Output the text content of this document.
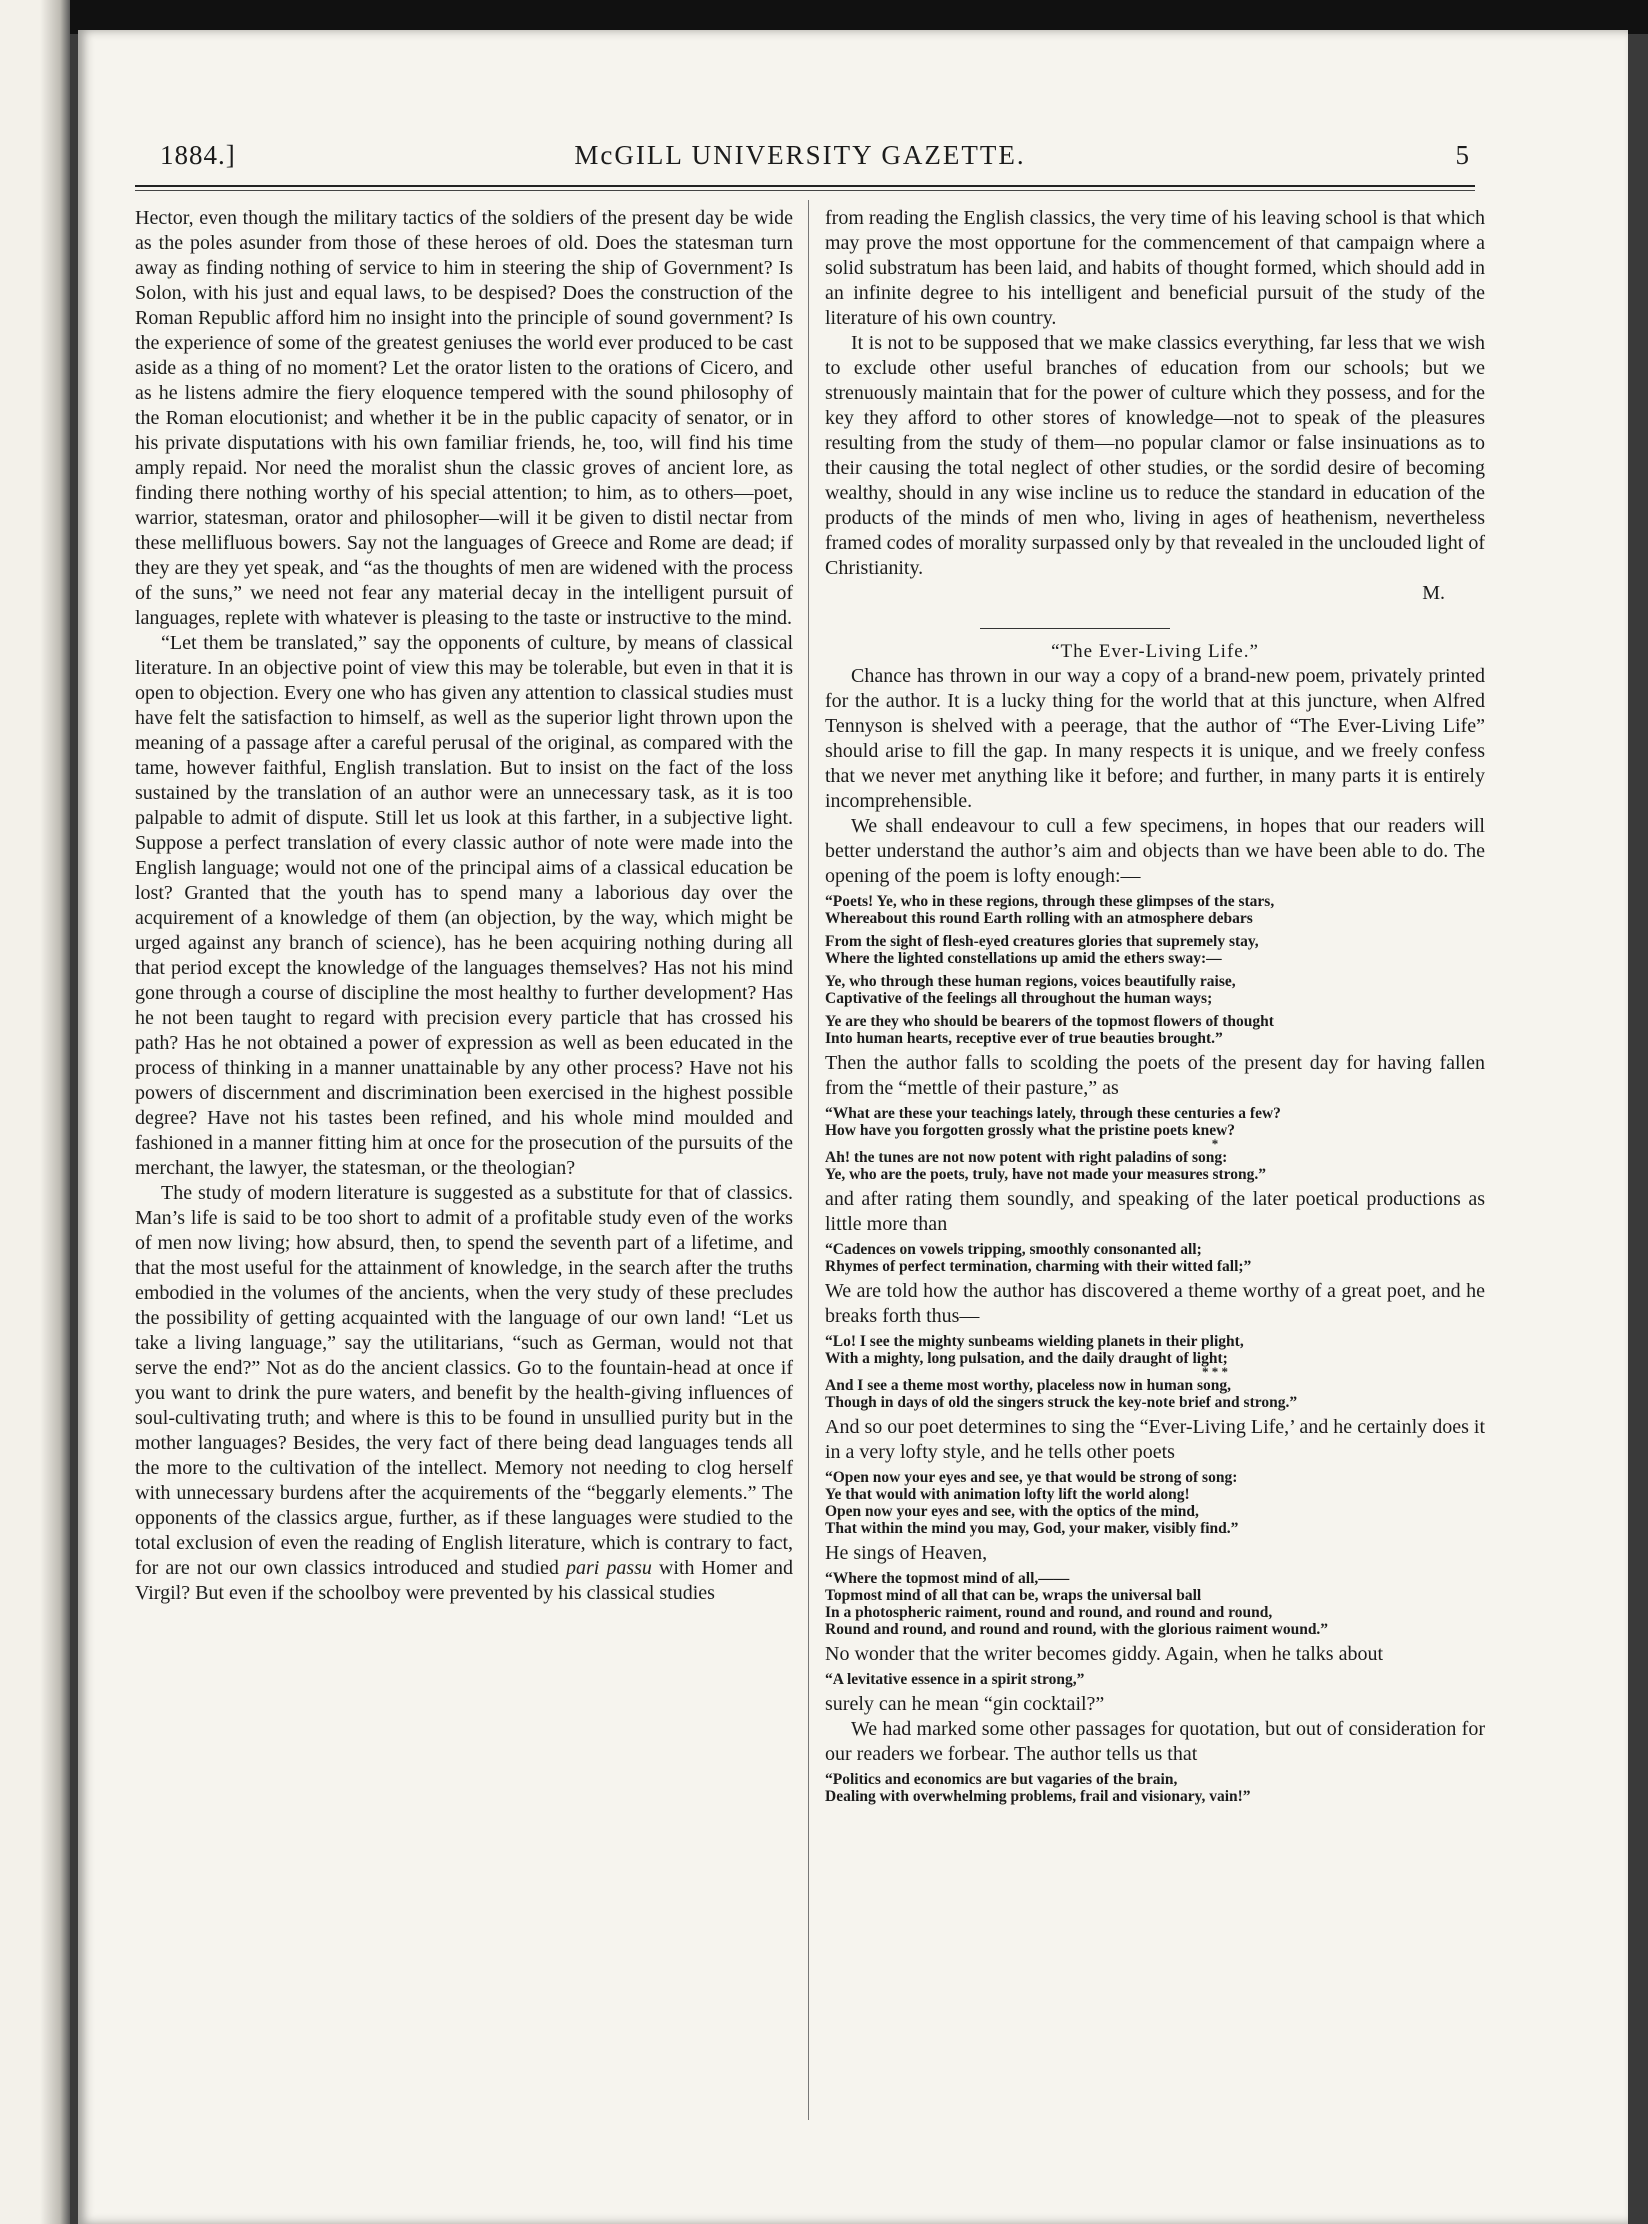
1884.]	McGILL UNIVERSITY GAZETTE.	5

Hector, even though the military tactics of the soldiers of the present day be wide as the poles asunder from those of these heroes of old. Does the statesman turn away as finding nothing of service to him in steering the ship of Government? Is Solon, with his just and equal laws, to be despised? Does the construction of the Roman Republic afford him no insight into the principle of sound government? Is the experience of some of the greatest geniuses the world ever produced to be cast aside as a thing of no moment? Let the orator listen to the orations of Cicero, and as he listens admire the fiery eloquence tempered with the sound philosophy of the Roman elocutionist; and whether it be in the public capacity of senator, or in his private disputations with his own familiar friends, he, too, will find his time amply repaid. Nor need the moralist shun the classic groves of ancient lore, as finding there nothing worthy of his special attention; to him, as to others—poet, warrior, statesman, orator and philosopher—will it be given to distil nectar from these mellifluous bowers. Say not the languages of Greece and Rome are dead; if they are they yet speak, and “as the thoughts of men are widened with the process of the suns,” we need not fear any material decay in the intelligent pursuit of languages, replete with whatever is pleasing to the taste or instructive to the mind.

“Let them be translated,” say the opponents of culture, by means of classical literature. In an objective point of view this may be tolerable, but even in that it is open to objection. Every one who has given any attention to classical studies must have felt the satisfaction to himself, as well as the superior light thrown upon the meaning of a passage after a careful perusal of the original, as compared with the tame, however faithful, English translation. But to insist on the fact of the loss sustained by the translation of an author were an unnecessary task, as it is too palpable to admit of dispute. Still let us look at this farther, in a subjective light. Suppose a perfect translation of every classic author of note were made into the English language; would not one of the principal aims of a classical education be lost? Granted that the youth has to spend many a laborious day over the acquirement of a knowledge of them (an objection, by the way, which might be urged against any branch of science), has he been acquiring nothing during all that period except the knowledge of the languages themselves? Has not his mind gone through a course of discipline the most healthy to further development? Has he not been taught to regard with precision every particle that has crossed his path? Has he not obtained a power of expression as well as been educated in the process of thinking in a manner unattainable by any other process? Have not his powers of discernment and discrimination been exercised in the highest possible degree? Have not his tastes been refined, and his whole mind moulded and fashioned in a manner fitting him at once for the prosecution of the pursuits of the merchant, the lawyer, the statesman, or the theologian?

The study of modern literature is suggested as a substitute for that of classics. Man’s life is said to be too short to admit of a profitable study even of the works of men now living; how absurd, then, to spend the seventh part of a lifetime, and that the most useful for the attainment of knowledge, in the search after the truths embodied in the volumes of the ancients, when the very study of these precludes the possibility of getting acquainted with the language of our own land! “Let us take a living language,” say the utilitarians, “such as German, would not that serve the end?” Not as do the ancient classics. Go to the fountain-head at once if you want to drink the pure waters, and benefit by the health-giving influences of soul-cultivating truth; and where is this to be found in unsullied purity but in the mother languages? Besides, the very fact of there being dead languages tends all the more to the cultivation of the intellect. Memory not needing to clog herself with unnecessary burdens after the acquirements of the “beggarly elements.” The opponents of the classics argue, further, as if these languages were studied to the total exclusion of even the reading of English literature, which is contrary to fact, for are not our own classics introduced and studied pari passu with Homer and Virgil? But even if the schoolboy were prevented by his classical studies

from reading the English classics, the very time of his leaving school is that which may prove the most opportune for the commencement of that campaign where a solid substratum has been laid, and habits of thought formed, which should add in an infinite degree to his intelligent and beneficial pursuit of the study of the literature of his own country.

It is not to be supposed that we make classics everything, far less that we wish to exclude other useful branches of education from our schools; but we strenuously maintain that for the power of culture which they possess, and for the key they afford to other stores of knowledge—not to speak of the pleasures resulting from the study of them—no popular clamor or false insinuations as to their causing the total neglect of other studies, or the sordid desire of becoming wealthy, should in any wise incline us to reduce the standard in education of the products of the minds of men who, living in ages of heathenism, nevertheless framed codes of morality surpassed only by that revealed in the unclouded light of Christianity.

M.

“The Ever-Living Life.”

Chance has thrown in our way a copy of a brand-new poem, privately printed for the author. It is a lucky thing for the world that at this juncture, when Alfred Tennyson is shelved with a peerage, that the author of “The Ever-Living Life” should arise to fill the gap. In many respects it is unique, and we freely confess that we never met anything like it before; and further, in many parts it is entirely incomprehensible.

We shall endeavour to cull a few specimens, in hopes that our readers will better understand the author’s aim and objects than we have been able to do. The opening of the poem is lofty enough:—

“Poets! Ye, who in these regions, through these glimpses of the stars,
Whereabout this round Earth rolling with an atmosphere debars
From the sight of flesh-eyed creatures glories that supremely stay,
Where the lighted constellations up amid the ethers sway:—
Ye, who through these human regions, voices beautifully raise,
Captivative of the feelings all throughout the human ways;
Ye are they who should be bearers of the topmost flowers of thought
Into human hearts, receptive ever of true beauties brought.”

Then the author falls to scolding the poets of the present day for having fallen from the “mettle of their pasture,” as

“What are these your teachings lately, through these centuries a few?
How have you forgotten grossly what the pristine poets knew?
*
Ah! the tunes are not now potent with right paladins of song:
Ye, who are the poets, truly, have not made your measures strong.”

and after rating them soundly, and speaking of the later poetical productions as little more than

“Cadences on vowels tripping, smoothly consonanted all;
Rhymes of perfect termination, charming with their witted fall;”

We are told how the author has discovered a theme worthy of a great poet, and he breaks forth thus—

“Lo! I see the mighty sunbeams wielding planets in their plight,
With a mighty, long pulsation, and the daily draught of light;
* * *
And I see a theme most worthy, placeless now in human song,
Though in days of old the singers struck the key-note brief and strong.”

And so our poet determines to sing the “Ever-Living Life,’ and he certainly does it in a very lofty style, and he tells other poets

“Open now your eyes and see, ye that would be strong of song:
Ye that would with animation lofty lift the world along!
Open now your eyes and see, with the optics of the mind,
That within the mind you may, God, your maker, visibly find.”

He sings of Heaven,

“Where the topmost mind of all,——
Topmost mind of all that can be, wraps the universal ball
In a photospheric raiment, round and round, and round and round,
Round and round, and round and round, with the glorious raiment wound.”

No wonder that the writer becomes giddy. Again, when he talks about

“A levitative essence in a spirit strong,”

surely can he mean “gin cocktail?”

We had marked some other passages for quotation, but out of consideration for our readers we forbear. The author tells us that

“Politics and economics are but vagaries of the brain,
Dealing with overwhelming problems, frail and visionary, vain!”
